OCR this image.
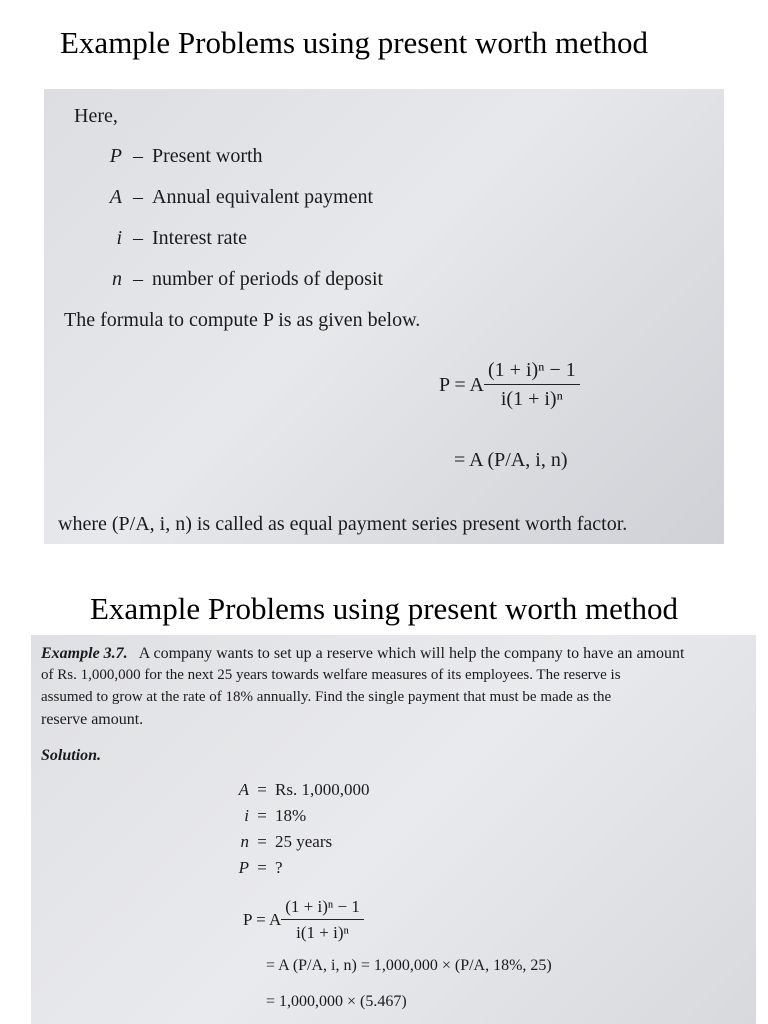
Example Problems using present worth method
Here,
P – Present worth
A – Annual equivalent payment
i – Interest rate
n – number of periods of deposit
The formula to compute P is as given below.
P = A $\frac{\text{(1 + i)ⁿ − 1}}{\text{i(1 + i)ⁿ}}$
= A (P/A, i, n)
where (P/A, i, n) is called as equal payment series present worth factor.
Example Problems using present worth method
Example 3.7. A company wants to set up a reserve which will help the company to have an amount
of Rs. 1,000,000 for the next 25 years towards welfare measures of its employees. The reserve is
assumed to grow at the rate of 18% annually. Find the single payment that must be made as the
reserve amount.
Solution.
A = Rs. 1,000,000
i = 18%
n = 25 years
P = ?
P = A $\frac{\text{(1 + i)ⁿ − 1}}{\text{i(1 + i)ⁿ}}$
= A (P/A, i, n) = 1,000,000 × (P/A, 18%, 25)
= 1,000,000 × (5.467)
